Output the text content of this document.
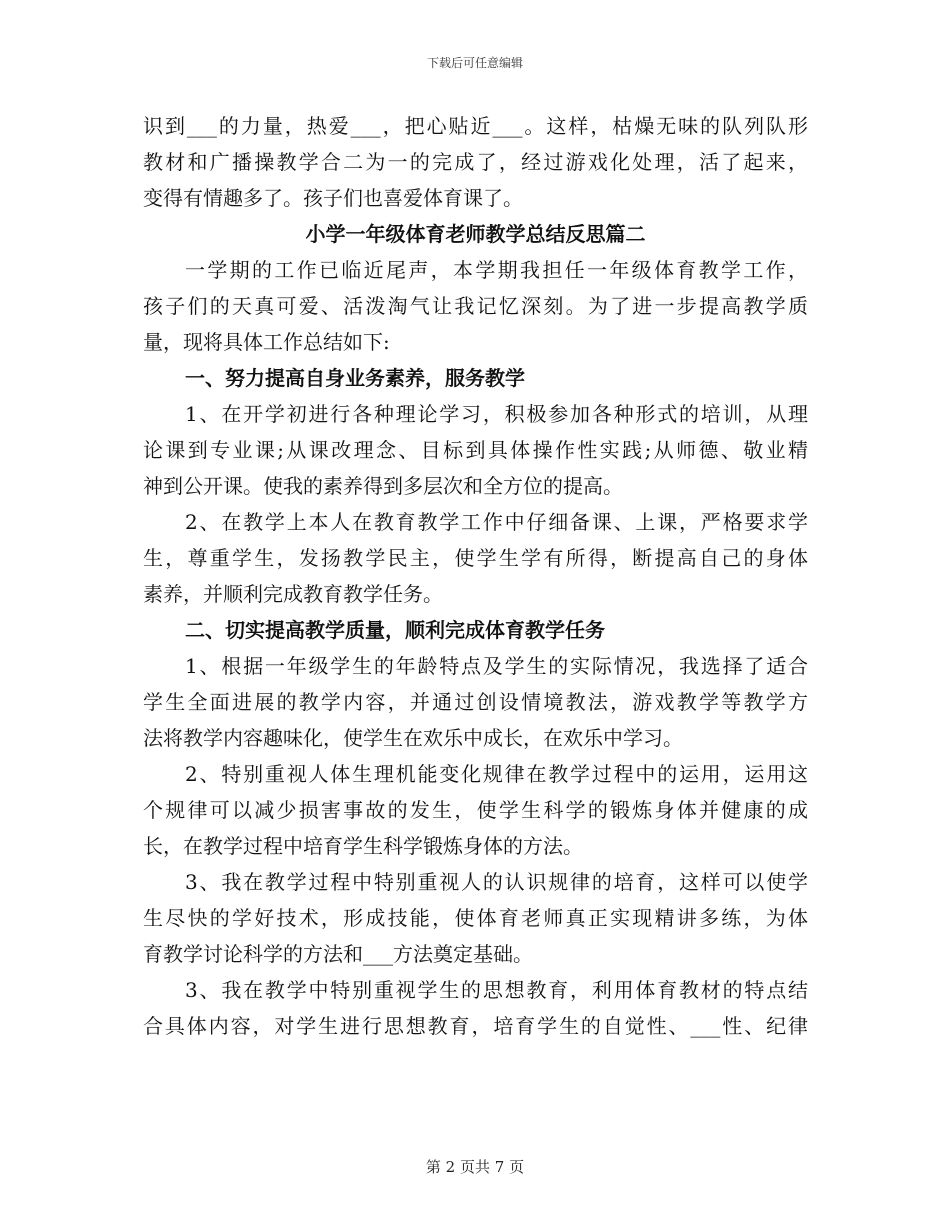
下载后可任意编辑
识到___的力量，热爱___，把心贴近___。这样，枯燥无味的队列队形
教材和广播操教学合二为一的完成了，经过游戏化处理，活了起来，
变得有情趣多了。孩子们也喜爱体育课了。
小学一年级体育老师教学总结反思篇二
一学期的工作已临近尾声，本学期我担任一年级体育教学工作，
孩子们的天真可爱、活泼淘气让我记忆深刻。为了进一步提高教学质
量，现将具体工作总结如下:
一、努力提高自身业务素养，服务教学
1、在开学初进行各种理论学习，积极参加各种形式的培训，从理
论课到专业课;从课改理念、目标到具体操作性实践;从师德、敬业精
神到公开课。使我的素养得到多层次和全方位的提高。
2、在教学上本人在教育教学工作中仔细备课、上课，严格要求学
生，尊重学生，发扬教学民主，使学生学有所得，断提高自己的身体
素养，并顺利完成教育教学任务。
二、切实提高教学质量，顺利完成体育教学任务
1、根据一年级学生的年龄特点及学生的实际情况，我选择了适合
学生全面进展的教学内容，并通过创设情境教法，游戏教学等教学方
法将教学内容趣味化，使学生在欢乐中成长，在欢乐中学习。
2、特别重视人体生理机能变化规律在教学过程中的运用，运用这
个规律可以减少损害事故的发生，使学生科学的锻炼身体并健康的成
长，在教学过程中培育学生科学锻炼身体的方法。
3、我在教学过程中特别重视人的认识规律的培育，这样可以使学
生尽快的学好技术，形成技能，使体育老师真正实现精讲多练，为体
育教学讨论科学的方法和___方法奠定基础。
3、我在教学中特别重视学生的思想教育，利用体育教材的特点结
合具体内容，对学生进行思想教育，培育学生的自觉性、___性、纪律
第 2 页共 7 页
